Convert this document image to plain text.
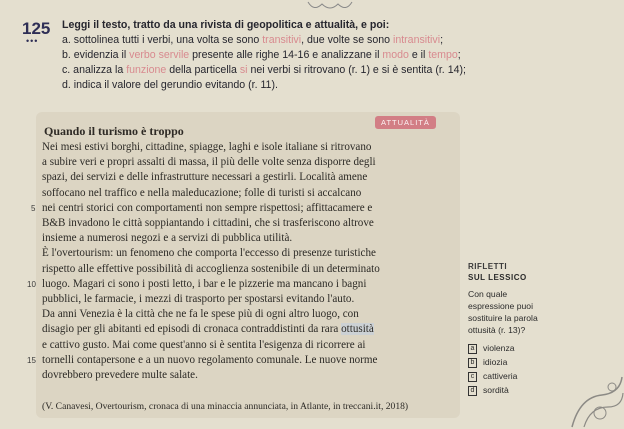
125
•••
Leggi il testo, tratto da una rivista di geopolitica e attualità, e poi:
a. sottolinea tutti i verbi, una volta se sono transitivi, due volte se sono intransitivi;
b. evidenzia il verbo servile presente alle righe 14-16 e analizzane il modo e il tempo;
c. analizza la funzione della particella si nei verbi si ritrovano (r. 1) e si è sentita (r. 14);
d. indica il valore del gerundio evitando (r. 11).
Quando il turismo è troppo
ATTUALITÀ
Nei mesi estivi borghi, cittadine, spiagge, laghi e isole italiane si ritrovano
a subire veri e propri assalti di massa, il più delle volte senza disporre degli
spazi, dei servizi e delle infrastrutture necessari a gestirli. Località amene
soffocano nel traffico e nella maleducazione; folle di turisti si accalcano
nei centri storici con comportamenti non sempre rispettosi; affittacamere e
5
B&B invadono le città soppiantando i cittadini, che si trasferiscono altrove
insieme a numerosi negozi e a servizi di pubblica utilità.
È l'overtourism: un fenomeno che comporta l'eccesso di presenze turistiche
rispetto alle effettive possibilità di accoglienza sostenibile di un determinato
luogo. Magari ci sono i posti letto, i bar e le pizzerie ma mancano i bagni
10
pubblici, le farmacie, i mezzi di trasporto per spostarsi evitando l'auto.
Da anni Venezia è la città che ne fa le spese più di ogni altro luogo, con
disagio per gli abitanti ed episodi di cronaca contraddistinti da rara ottusità
e cattivo gusto. Mai come quest'anno si è sentita l'esigenza di ricorrere ai
tornelli contapersone e a un nuovo regolamento comunale. Le nuove norme
15
dovrebbero prevedere multe salate.
(V. Canavesi, Overtourism, cronaca di una minaccia annunciata, in Atlante, in treccani.it, 2018)
RIFLETTI
SUL LESSICO
Con quale
espressione puoi
sostituire la parola
ottusità (r. 13)?
a violenza
b idiozia
c cattiveria
d sordità
